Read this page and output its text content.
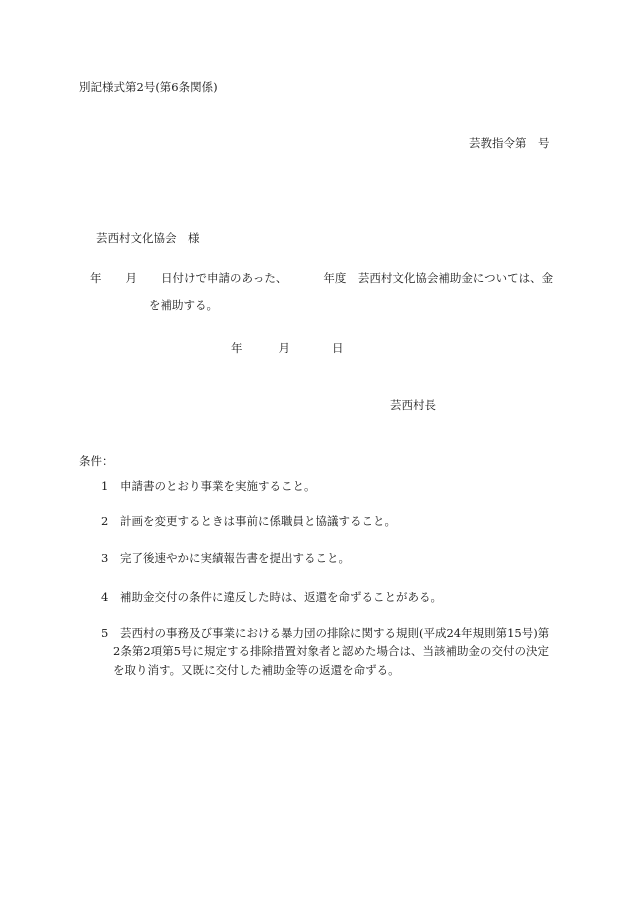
別記様式第2号(第6条関係)
芸教指令第　号
芸西村文化協会　様
年 月 日付けで申請のあった、	年度　芸西村文化協会補助金については、金
を補助する。
年	月	日
芸西村長
条件：
1 申請書のとおり事業を実施すること。
2 計画を変更するときは事前に係職員と協議すること。
3 完了後速やかに実績報告書を提出すること。
4 補助金交付の条件に違反した時は、返還を命ずることがある。
5 芸西村の事務及び事業における暴力団の排除に関する規則(平成24年規則第15号)第
2条第2項第5号に規定する排除措置対象者と認めた場合は、当該補助金の交付の決定
を取り消す。又既に交付した補助金等の返還を命ずる。
